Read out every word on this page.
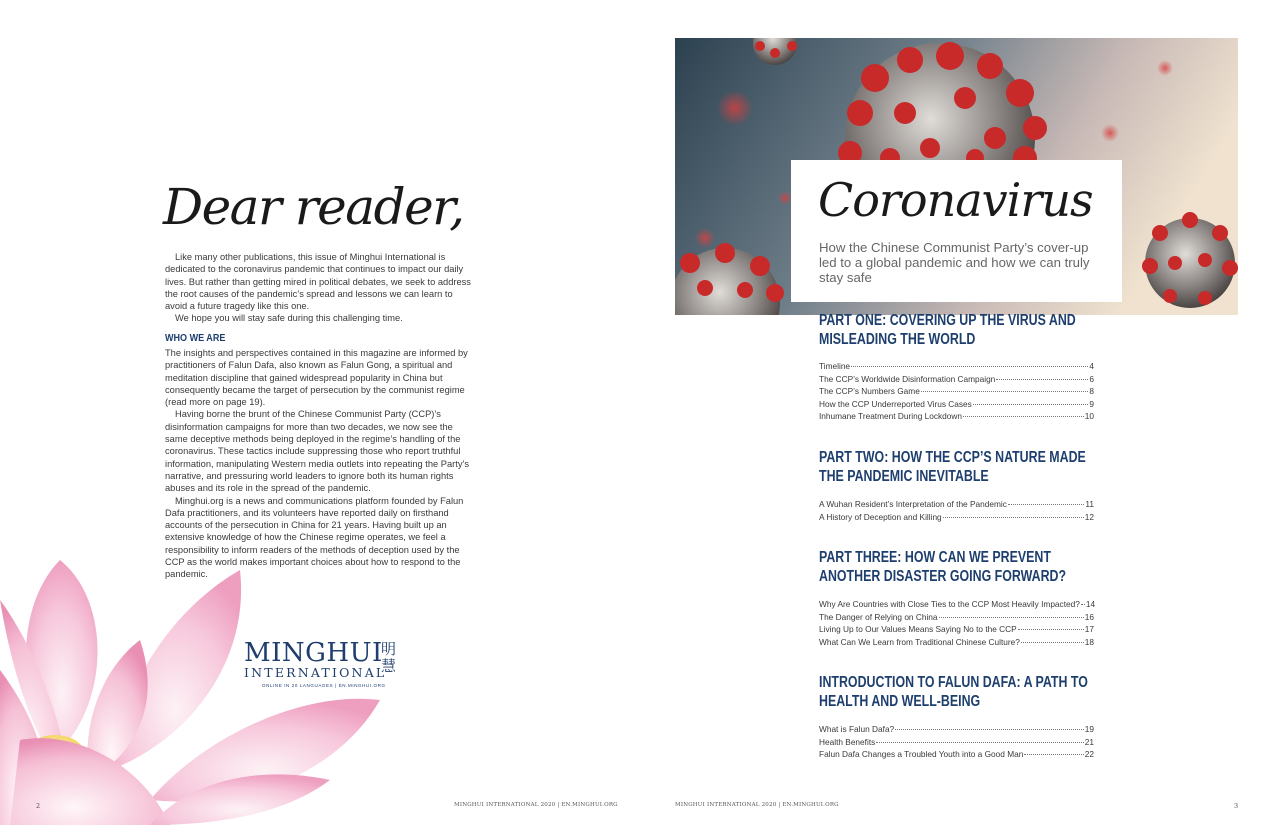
Dear reader,

Like many other publications, this issue of Minghui International is dedicated to the coronavirus pandemic that continues to impact our daily lives. But rather than getting mired in political debates, we seek to address the root causes of the pandemic’s spread and lessons we can learn to avoid a future tragedy like this one.

We hope you will stay safe during this challenging time.

WHO WE ARE

The insights and perspectives contained in this magazine are informed by practitioners of Falun Dafa, also known as Falun Gong, a spiritual and meditation discipline that gained widespread popularity in China but consequently became the target of persecution by the communist regime (read more on page 19).

Having borne the brunt of the Chinese Communist Party (CCP)’s disinformation campaigns for more than two decades, we now see the same deceptive methods being deployed in the regime’s handling of the coronavirus. These tactics include suppressing those who report truthful information, manipulating Western media outlets into repeating the Party’s narrative, and pressuring world leaders to ignore both its human rights abuses and its role in the spread of the pandemic.

Minghui.org is a news and communications platform founded by Falun Dafa practitioners, and its volunteers have reported daily on firsthand accounts of the persecution in China for 21 years. Having built up an extensive knowledge of how the Chinese regime operates, we feel a responsibility to inform readers of the methods of deception used by the CCP as the world makes important choices about how to respond to the pandemic.

MINGHUI
INTERNATIONAL
ONLINE IN 20 LANGUAGES | EN.MINGHUI.ORG
明慧
2	MINGHUI INTERNATIONAL 2020 | EN.MINGHUI.ORG
Coronavirus
How the Chinese Communist Party’s cover-up led to a global pandemic and how we can truly stay safe
PART ONE: COVERING UP THE VIRUS AND MISLEADING THE WORLD
Timeline	4
The CCP’s Worldwide Disinformation Campaign	6
The CCP’s Numbers Game	8
How the CCP Underreported Virus Cases	9
Inhumane Treatment During Lockdown	10
PART TWO: HOW THE CCP’S NATURE MADE THE PANDEMIC INEVITABLE
A Wuhan Resident’s Interpretation of the Pandemic	11
A History of Deception and Killing	12
PART THREE: HOW CAN WE PREVENT ANOTHER DISASTER GOING FORWARD?
Why Are Countries with Close Ties to the CCP Most Heavily Impacted? 14
The Danger of Relying on China	16
Living Up to Our Values Means Saying No to the CCP	17
What Can We Learn from Traditional Chinese Culture?	18
INTRODUCTION TO FALUN DAFA: A PATH TO HEALTH AND WELL-BEING
What is Falun Dafa?	19
Health Benefits	21
Falun Dafa Changes a Troubled Youth into a Good Man	22
MINGHUI INTERNATIONAL 2020 | EN.MINGHUI.ORG	3
